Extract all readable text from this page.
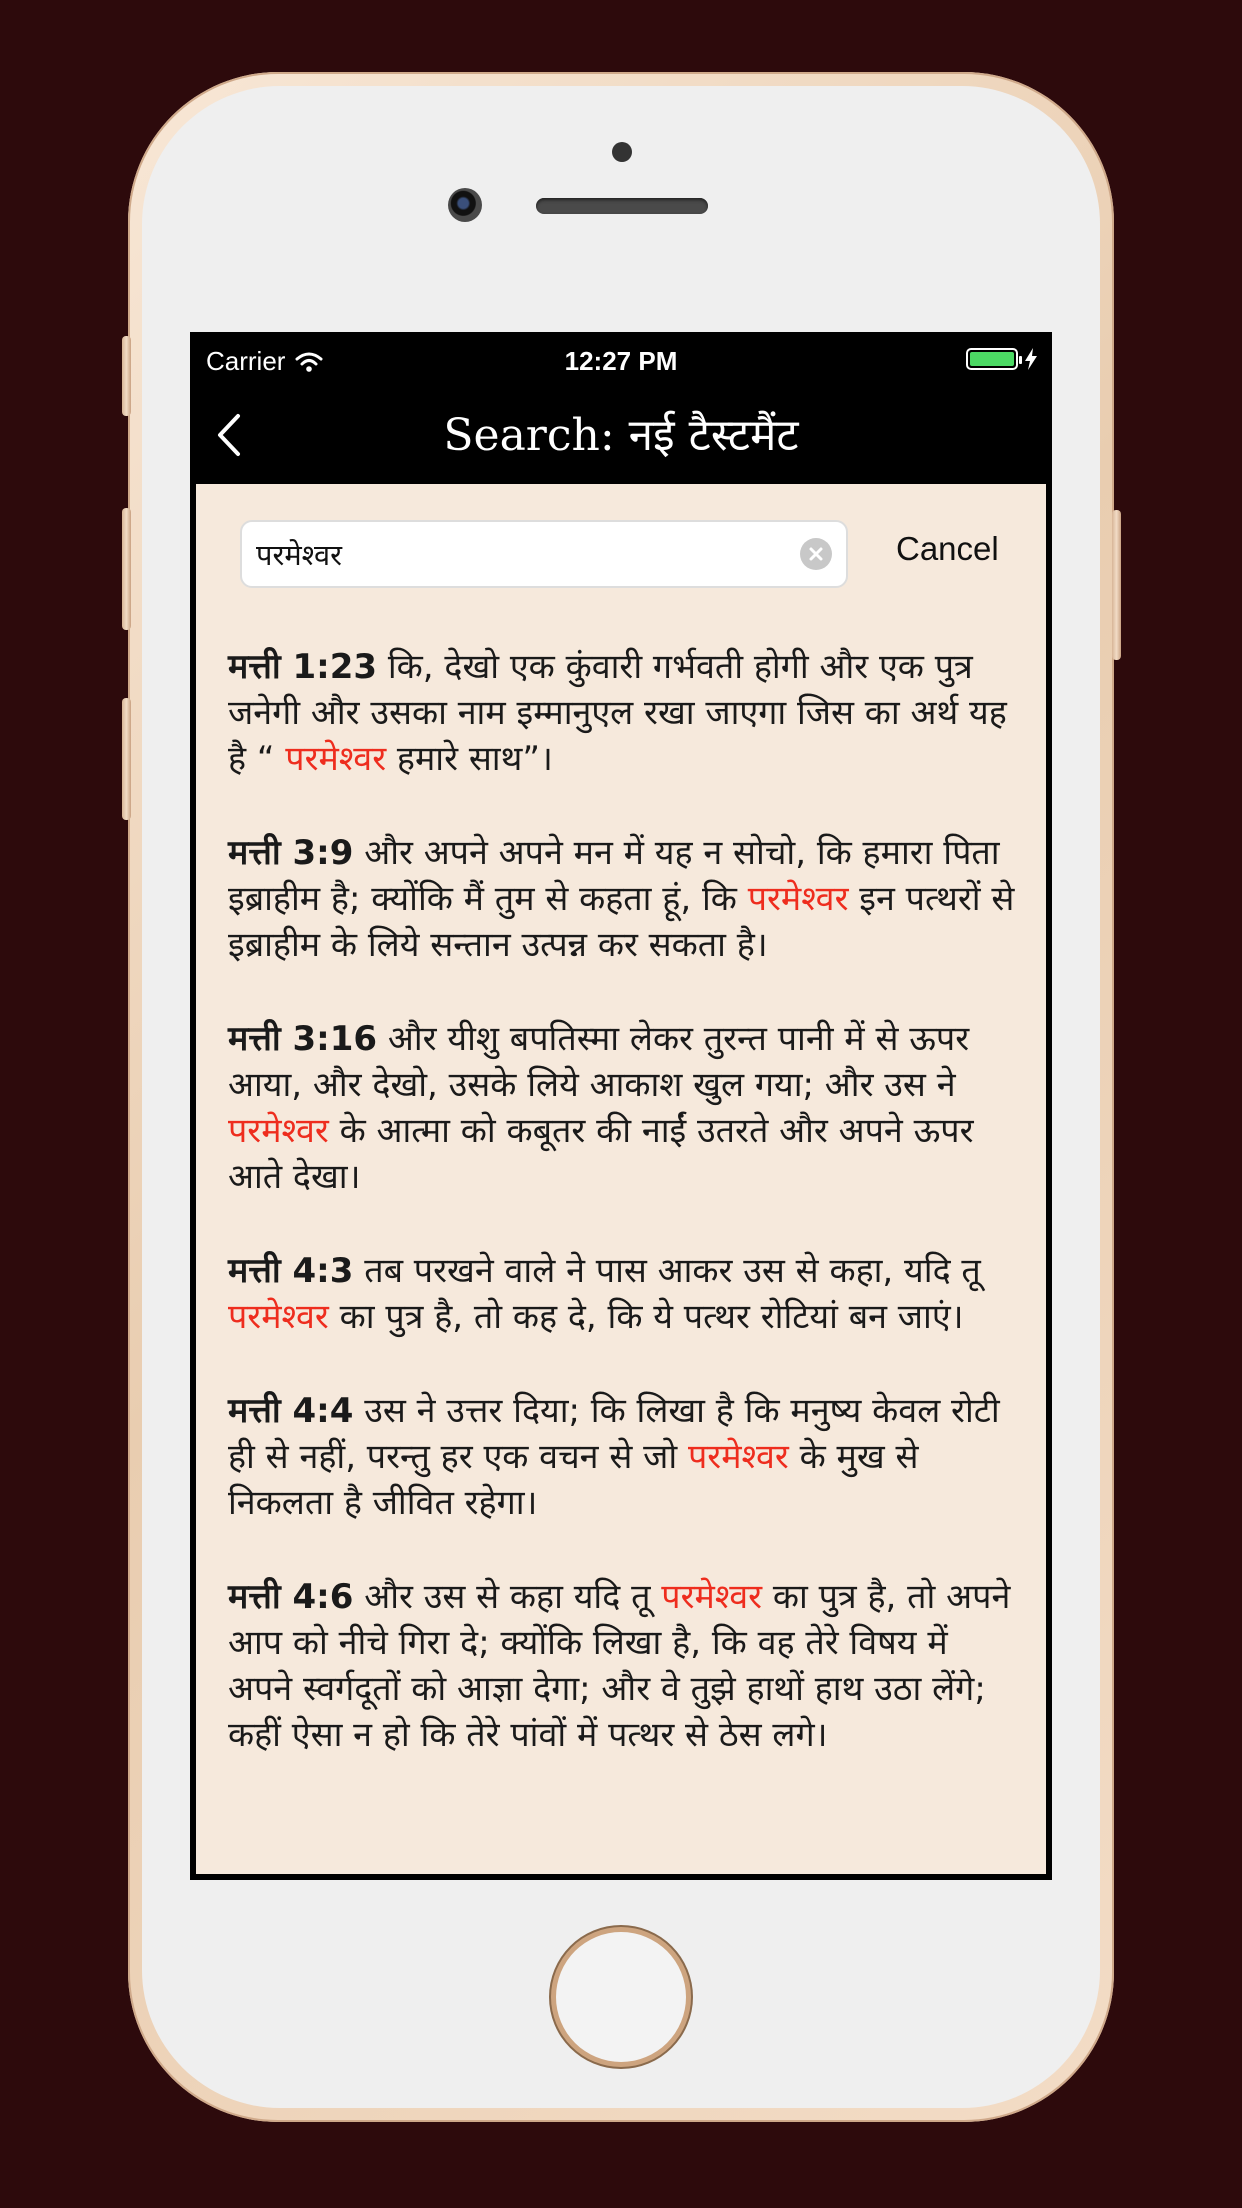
Carrier	12:27 PM
Search: नई टैस्टमैंट
परमेश्वर
Cancel

मत्ती 1:23 कि, देखो एक कुंवारी गर्भवती होगी और एक पुत्र जनेगी और उसका नाम इम्मानुएल रखा जाएगा जिस का अर्थ यह है “ परमेश्वर हमारे साथ”।

मत्ती 3:9 और अपने अपने मन में यह न सोचो, कि हमारा पिता इब्राहीम है; क्योंकि मैं तुम से कहता हूं, कि परमेश्वर इन पत्थरों से इब्राहीम के लिये सन्तान उत्पन्न कर सकता है।

मत्ती 3:16 और यीशु बपतिस्मा लेकर तुरन्त पानी में से ऊपर आया, और देखो, उसके लिये आकाश खुल गया; और उस ने परमेश्वर के आत्मा को कबूतर की नाईं उतरते और अपने ऊपर आते देखा।

मत्ती 4:3 तब परखने वाले ने पास आकर उस से कहा, यदि तू परमेश्वर का पुत्र है, तो कह दे, कि ये पत्थर रोटियां बन जाएं।

मत्ती 4:4 उस ने उत्तर दिया; कि लिखा है कि मनुष्य केवल रोटी ही से नहीं, परन्तु हर एक वचन से जो परमेश्वर के मुख से निकलता है जीवित रहेगा।

मत्ती 4:6 और उस से कहा यदि तू परमेश्वर का पुत्र है, तो अपने आप को नीचे गिरा दे; क्योंकि लिखा है, कि वह तेरे विषय में अपने स्वर्गदूतों को आज्ञा देगा; और वे तुझे हाथों हाथ उठा लेंगे; कहीं ऐसा न हो कि तेरे पांवों में पत्थर से ठेस लगे।
